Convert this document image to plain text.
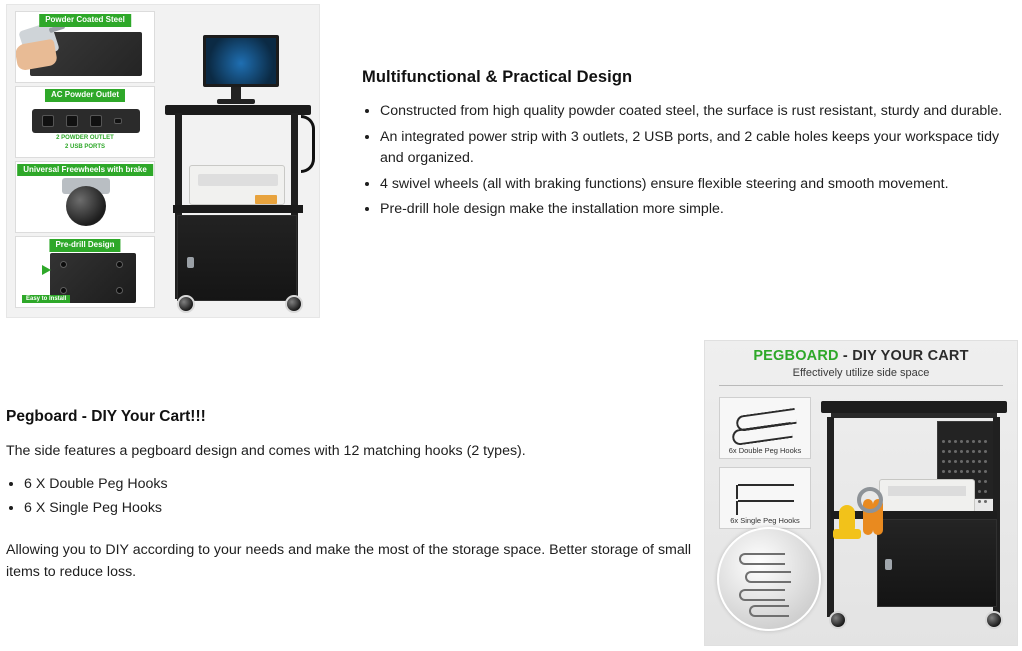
Powder Coated Steel
AC Powder Outlet
2 POWDER OUTLET
2 USB PORTS
Universal Freewheels with brake
Pre-drill Design
Easy to Install
Multifunctional & Practical Design
• Constructed from high quality powder coated steel, the surface is rust resistant, sturdy and durable.
• An integrated power strip with 3 outlets, 2 USB ports, and 2 cable holes keeps your workspace tidy and organized.
• 4 swivel wheels (all with braking functions) ensure flexible steering and smooth movement.
• Pre-drill hole design make the installation more simple.
Pegboard - DIY Your Cart!!!

The side features a pegboard design and comes with 12 matching hooks (2 types).

• 6 X Double Peg Hooks
• 6 X Single Peg Hooks

Allowing you to DIY according to your needs and make the most of the storage space. Better storage of small items to reduce loss.

PEGBOARD - DIY YOUR CART
Effectively utilize side space
6x Double Peg Hooks
6x Single Peg Hooks
